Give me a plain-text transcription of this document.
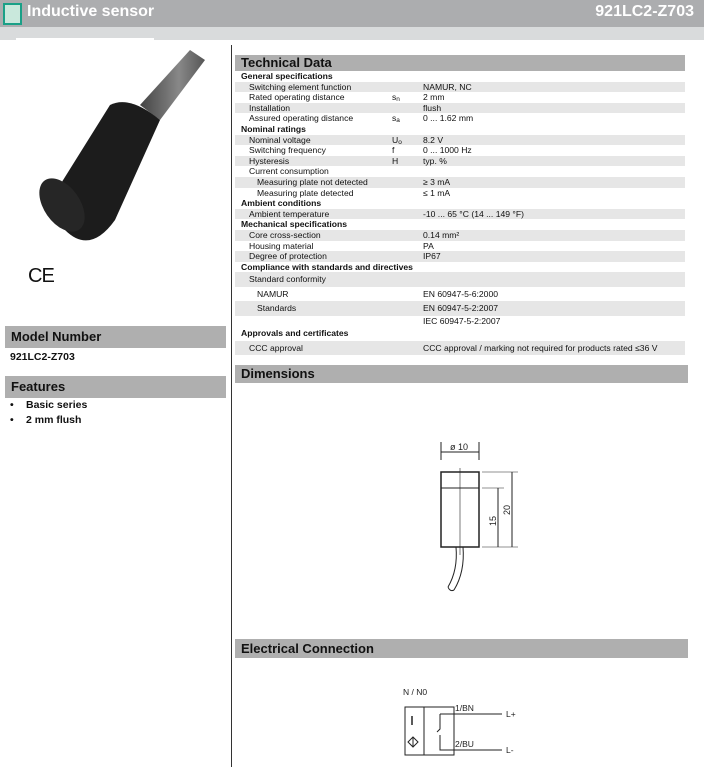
Inductive sensor	921LC2-Z703
CE
Model Number
921LC2-Z703
Features
• Basic series
• 2 mm flush
Technical Data
General specifications
Switching element function	NAMUR, NC
Rated operating distance	$s_n$	2 mm
Installation	flush
Assured operating distance	$s_a$	0 ... 1.62 mm
Nominal ratings
Nominal voltage	$U_o$ 8.2 V
Switching frequency	f	0 ... 1000 Hz
Hysteresis	H	typ. %
Current consumption
Measuring plate not detected	≥ 3 mA
Measuring plate detected	≤ 1 mA
Ambient conditions
Ambient temperature	-10 ... 65 °C (14 ... 149 °F)
Mechanical specifications
Core cross-section	0.14 mm²
Housing material	PA
Degree of protection	IP67
Compliance with standards and directives
Standard conformity
NAMUR	EN 60947-5-6:2000
Standards	EN 60947-5-2:2007
IEC 60947-5-2:2007
Approvals and certificates
CCC approval	CCC approval / marking not required for products rated ≤36 V
Dimensions
ø 10
15
20
Electrical Connection
N / N0
1/BN
2/BU
L+
L-
